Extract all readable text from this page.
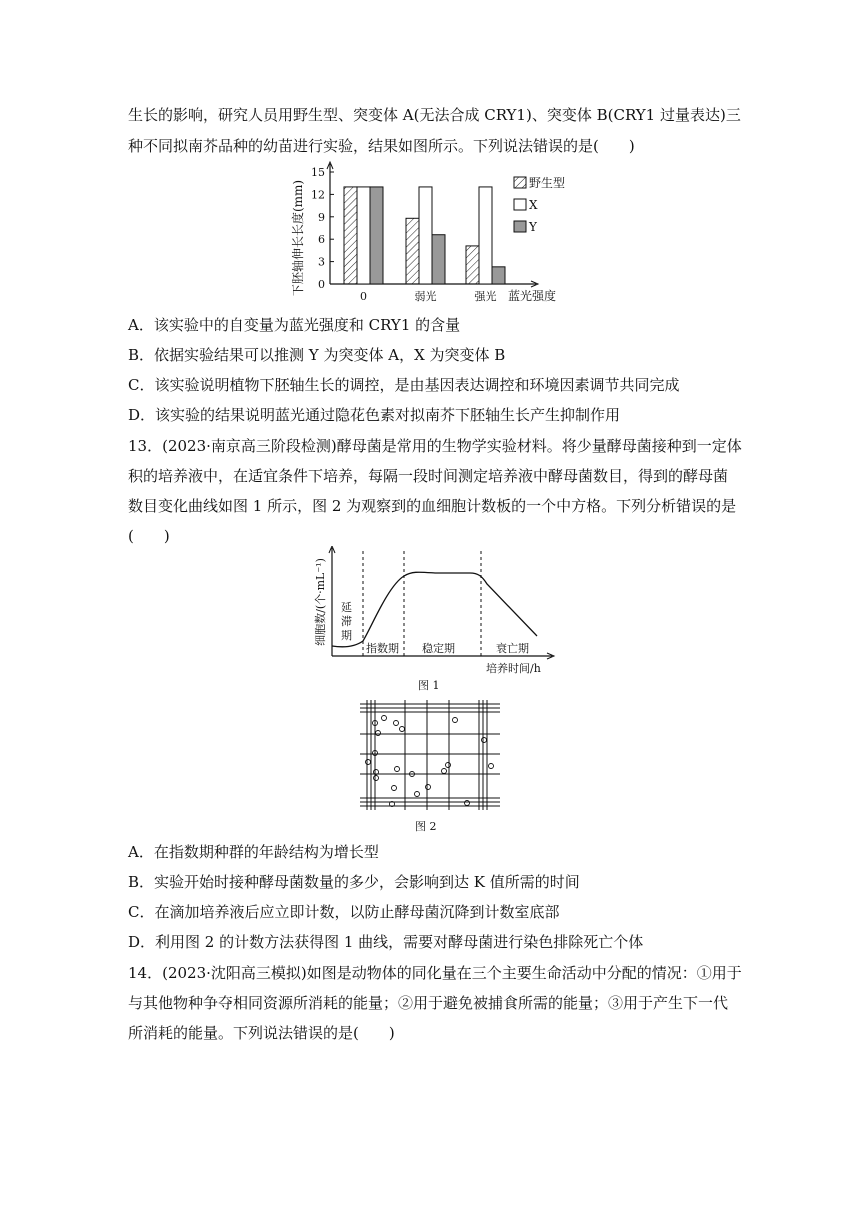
生长的影响，研究人员用野生型、突变体 A(无法合成 CRY1)、突变体 B(CRY1 过量表达)三
种不同拟南芥品种的幼苗进行实验，结果如图所示。下列说法错误的是(　　)
下胚轴伸长长度(mm) 0
3
6
9
12
15
0	弱光	强光
野生型
X
Y
蓝光强度
A．该实验中的自变量为蓝光强度和 CRY1 的含量
B．依据实验结果可以推测 Y 为突变体 A，X 为突变体 B
C．该实验说明植物下胚轴生长的调控，是由基因表达调控和环境因素调节共同完成
D．该实验的结果说明蓝光通过隐花色素对拟南芥下胚轴生长产生抑制作用
13．(2023·南京高三阶段检测)酵母菌是常用的生物学实验材料。将少量酵母菌接种到一定体
积的培养液中，在适宜条件下培养，每隔一段时间测定培养液中酵母菌数目，得到的酵母菌
数目变化曲线如图 1 所示，图 2 为观察到的血细胞计数板的一个中方格。下列分析错误的是
(　　)
细胞数/(个·mL⁻¹) 延
滞
期
指数期 稳定期	衰亡期
培养时间/h
图 1
图 2
A．在指数期种群的年龄结构为增长型
B．实验开始时接种酵母菌数量的多少，会影响到达 K 值所需的时间
C．在滴加培养液后应立即计数，以防止酵母菌沉降到计数室底部
D．利用图 2 的计数方法获得图 1 曲线，需要对酵母菌进行染色排除死亡个体
14．(2023·沈阳高三模拟)如图是动物体的同化量在三个主要生命活动中分配的情况：①用于
与其他物种争夺相同资源所消耗的能量；②用于避免被捕食所需的能量；③用于产生下一代
所消耗的能量。下列说法错误的是(　　)
